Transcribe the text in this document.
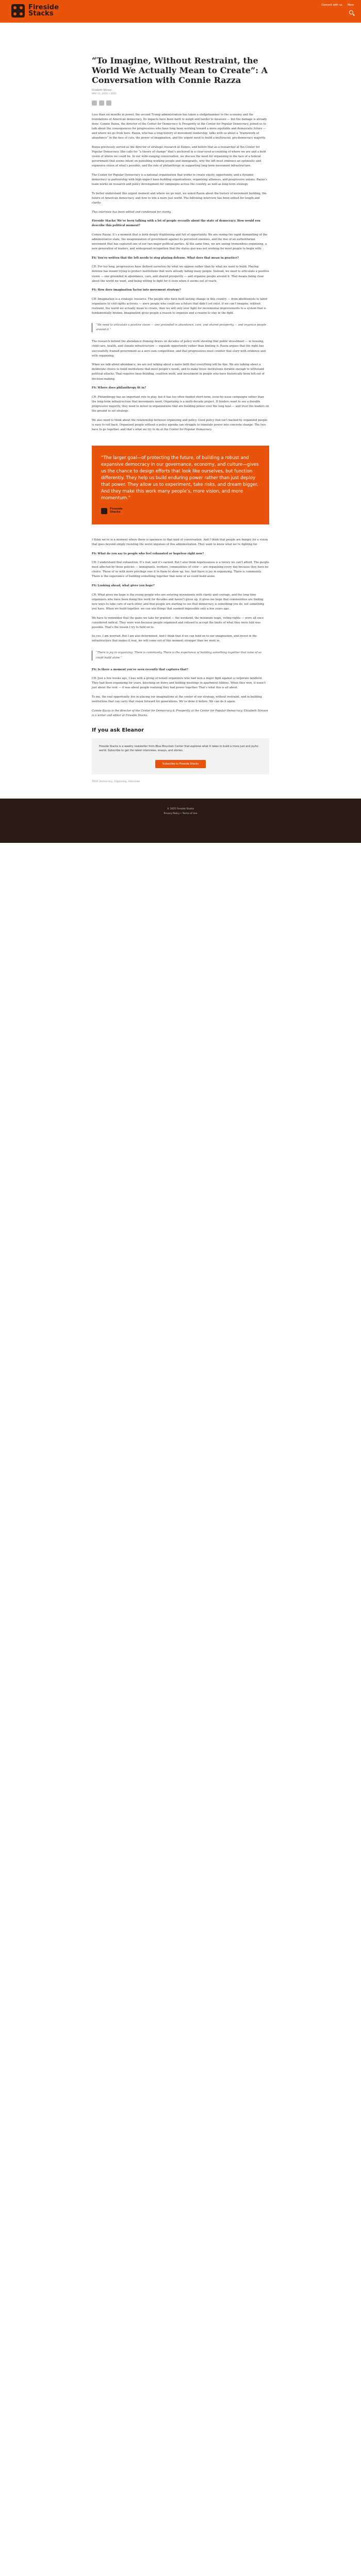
Fireside
Stacks
Connect with us More
“To Imagine, Without Restraint, the World We Actually Mean to Create”: A Conversation with Connie Razza
Elizabeth Stinson
MAY 11, 2020 • 2020

Less than six months in power, the second Trump administration has taken a sledgehammer to the economy and the foundations of American democracy. Its impacts have been hard to weigh and harder to measure — but the damage is already done. Connie Razza, the director of the Center for Democracy & Prosperity at the Center for Popular Democracy, joined us to talk about the consequences for progressives who have long been working toward a more equitable and democratic future — and where we go from here. Razza, who has a long history of movement leadership, talks with us about a “framework of abundance” in the face of cuts, the power of imagination, and the urgent need to build a multiracial, pro-democracy majority.

Razza previously served as the director of strategic research at Demos, and before that as a researcher at the Center for Popular Democracy. She calls for “a theory of change” that’s anchored in a clear-eyed accounting of where we are and a bold vision of where we could be. In our wide-ranging conversation, we discuss the need for organizing in the face of a federal government that seems intent on punishing working people and immigrants, why the left must embrace an optimistic and expansive vision of what’s possible, and the role of philanthropy in supporting long-term movement infrastructure.

The Center for Popular Democracy is a national organization that works to create equity, opportunity, and a dynamic democracy in partnership with high-impact base-building organizations, organizing alliances, and progressive unions. Razza’s team works on research and policy development for campaigns across the country, as well as long-term strategy.

To better understand this urgent moment and where we go next, we asked Razza about the history of movement building, the future of American democracy, and how to win a more just world. The following interview has been edited for length and clarity.

This interview has been edited and condensed for clarity.

Fireside Stacks: We’ve been talking with a lot of people recently about the state of democracy. How would you describe this political moment?

Connie Razza: It’s a moment that is both deeply frightening and full of opportunity. We are seeing the rapid dismantling of the administrative state, the weaponization of government against its perceived enemies, and the rise of an authoritarian movement that has captured one of our two major political parties. At the same time, we are seeing tremendous organizing, a new generation of leaders, and widespread recognition that the status quo was not working for most people to begin with.

FS: You’ve written that the left needs to stop playing defense. What does that mean in practice?

CR: For too long, progressives have defined ourselves by what we oppose rather than by what we want to build. Playing defense has meant trying to protect institutions that were already failing many people. Instead, we need to articulate a positive vision — one grounded in abundance, care, and shared prosperity — and organize people around it. That means being clear about the world we want, and being willing to fight for it even when it seems out of reach.

FS: How does imagination factor into movement strategy?

CR: Imagination is a strategic resource. The people who have built lasting change in this country — from abolitionists to labor organizers to civil rights activists — were people who could see a future that didn’t yet exist. If we can’t imagine, without restraint, the world we actually mean to create, then we will only ever fight for incremental improvements to a system that is fundamentally broken. Imagination gives people a reason to organize and a reason to stay in the fight.

“We need to articulate a positive vision — one grounded in abundance, care, and shared prosperity — and organize people around it.”

The research behind the abundance framing draws on decades of policy work showing that public investment — in housing, child care, health, and climate infrastructure — expands opportunity rather than limiting it. Razza argues that the right has successfully framed government as a zero-sum competition, and that progressives must counter that story with evidence and with organizing.

When we talk about abundance, we are not talking about a naive faith that everything will be fine. We are talking about a deliberate choice to build institutions that meet people’s needs, and to make those institutions durable enough to withstand political attacks. That requires base-building, coalition work, and investment in people who have historically been left out of decision-making.

FS: Where does philanthropy fit in?

CR: Philanthropy has an important role to play, but it has too often funded short-term, issue-by-issue campaigns rather than the long-term infrastructure that movements need. Organizing is a multi-decade project. If funders want to see a durable progressive majority, they need to invest in organizations that are building power over the long haul — and trust the leaders on the ground to set strategy.

We also need to think about the relationship between organizing and policy. Good policy that isn’t backed by organized people is easy to roll back. Organized people without a policy agenda can struggle to translate power into concrete change. The two have to go together, and that’s what we try to do at the Center for Popular Democracy.

“The larger goal—of protecting the future, of building a robust and expansive democracy in our governance, economy, and culture—gives us the chance to design efforts that look like ourselves, but function differently. They help us build enduring power rather than just deploy that power. They allow us to experiment, take risks, and dream bigger. And they make this work many people’s, more vision, and more momentum.”

Fireside
Stacks

I think we’re in a moment where there is openness to that kind of conversation. And I think that people are hungry for a vision that goes beyond simply resisting the worst impulses of this administration. They want to know what we’re fighting for.

FS: What do you say to people who feel exhausted or hopeless right now?

CR: I understand that exhaustion. It’s real, and it’s earned. But I also think hopelessness is a luxury we can’t afford. The people most affected by these policies — immigrants, workers, communities of color — are organizing every day because they have no choice. Those of us with more privilege owe it to them to show up, too. And there is joy in organizing. There is community. There is the experience of building something together that none of us could build alone.

FS: Looking ahead, what gives you hope?

CR: What gives me hope is the young people who are entering movements with clarity and courage, and the long-time organizers who have been doing this work for decades and haven’t given up. It gives me hope that communities are finding new ways to take care of each other, and that people are starting to see that democracy is something you do, not something you have. When we build together, we can win things that seemed impossible only a few years ago.

We have to remember that the gains we take for granted — the weekend, the minimum wage, voting rights — were all once considered radical. They were won because people organized and refused to accept the limits of what they were told was possible. That’s the lesson I try to hold on to.

So yes, I am worried. But I am also determined. And I think that if we can hold on to our imagination, and invest in the infrastructure that makes it real, we will come out of this moment stronger than we went in.

“There is joy in organizing. There is community. There is the experience of building something together that none of us could build alone.”

FS: Is there a moment you’ve seen recently that captures that?

CR: Just a few weeks ago, I was with a group of tenant organizers who had won a major fight against a corporate landlord. They had been organizing for years, knocking on doors and holding meetings in apartment lobbies. When they won, it wasn’t just about the rent — it was about people realizing they had power together. That’s what this is all about.

To me, the real opportunity lies in placing our imaginations at the center of our strategy, without restraint, and in building institutions that can carry that vision forward for generations. We’ve done it before. We can do it again.

Connie Razza is the director of the Center for Democracy & Prosperity at the Center for Popular Democracy. Elizabeth Stinson is a writer and editor at Fireside Stacks.

If you ask Eleanor

Fireside Stacks is a weekly newsletter from Blue Mountain Center that explores what it takes to build a more just and joyful world. Subscribe to get the latest interviews, essays, and stories.

Subscribe to Fireside Stacks
TAGS: Democracy, Organizing, Interviews
© 2025 Fireside Stacks
Privacy Policy • Terms of Use
